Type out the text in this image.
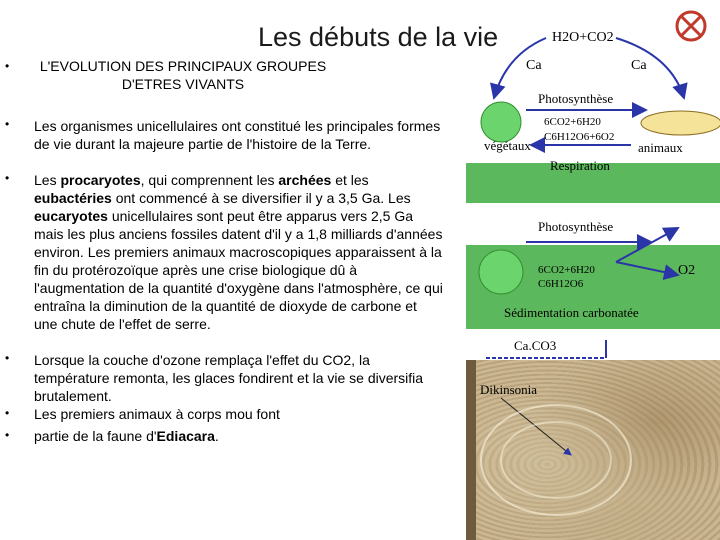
Les débuts de la vie
• L'EVOLUTION DES PRINCIPAUX GROUPES D'ETRES VIVANTS
• Les organismes unicellulaires ont constitué les principales formes de vie durant la majeure partie de l'histoire de la Terre.
• Les procaryotes, qui comprennent les archées et les eubactéries ont commencé à se diversifier il y a 3,5 Ga. Les eucaryotes unicellulaires sont peut être apparus vers 2,5 Ga mais les plus anciens fossiles datent d'il y a 1,8 milliards d'années environ. Les premiers animaux macroscopiques apparaissent à la fin du protérozoïque après une crise biologique dû à l'augmentation de la quantité d'oxygène dans l'atmosphère, ce qui entraîna la diminution de la quantité de dioxyde de carbone et une chute de l'effet de serre.
• Lorsque la couche d'ozone remplaça l'effet du CO2, la température remonta, les glaces fondirent et la vie se diversifia brutalement.
• Les premiers animaux à corps mou font
• partie de la faune d'Ediacara.
H2O+CO2
Ca	Ca
Photosynthèse
6CO2+6H20
C6H12O6+6O2
végétaux	animaux
Respiration
Photosynthèse
6CO2+6H20
C6H12O6
O2
Sédimentation carbonatée
Ca.CO3
Dikinsonia
